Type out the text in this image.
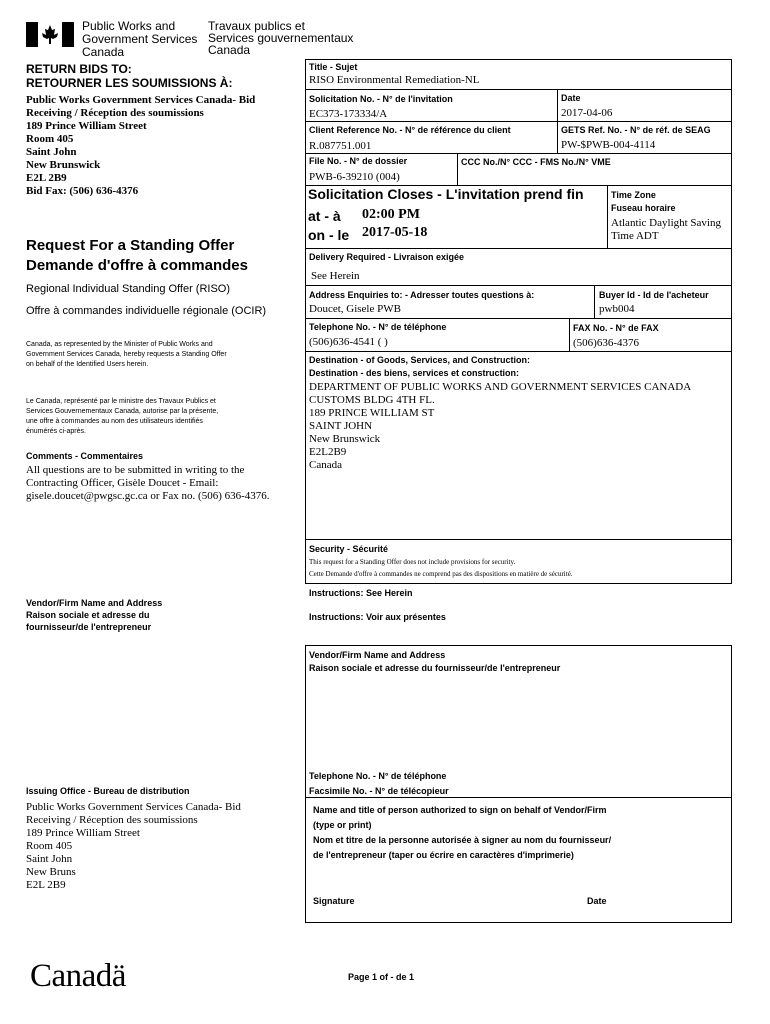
Public Works and
Government Services
Canada
Travaux publics et
Services gouvernementaux
Canada
RETURN BIDS TO:
RETOURNER LES SOUMISSIONS À:
Public Works Government Services Canada- Bid
Receiving / Réception des soumissions
189 Prince William Street
Room 405
Saint John
New Brunswick
E2L 2B9
Bid Fax: (506) 636-4376
Request For a Standing Offer
Demande d'offre à commandes
Regional Individual Standing Offer (RISO)
Offre à commandes individuelle régionale (OCIR)
Canada, as represented by the Minister of Public Works and
Government Services Canada, hereby requests a Standing Offer
on behalf of the Identified Users herein.
Le Canada, représenté par le ministre des Travaux Publics et
Services Gouvernementaux Canada, autorise par la présente,
une offre à commandes au nom des utilisateurs identifiés
énumérés ci-après.
Comments - Commentaires
All questions are to be submitted in writing to the
Contracting Officer, Gisèle Doucet - Email:
gisele.doucet@pwgsc.gc.ca or Fax no. (506) 636-4376.
Vendor/Firm Name and Address
Raison sociale et adresse du
fournisseur/de l'entrepreneur
Issuing Office - Bureau de distribution
Public Works Government Services Canada- Bid
Receiving / Réception des soumissions
189 Prince William Street
Room 405
Saint John
New Bruns
E2L 2B9
Title - Sujet
RISO Environmental Remediation-NL
Solicitation No. - N° de l'invitation
EC373-173334/A
Date
2017-04-06
Client Reference No. - N° de référence du client
R.087751.001
GETS Ref. No. - N° de réf. de SEAG
PW-$PWB-004-4114
File No. - N° de dossier
PWB-6-39210 (004)
CCC No./N° CCC - FMS No./N° VME
Solicitation Closes - L'invitation prend fin
at - à 02:00 PM
on - le 2017-05-18
Time Zone
Fuseau horaire
Atlantic Daylight Saving
Time ADT
Delivery Required - Livraison exigée
See Herein
Address Enquiries to: - Adresser toutes questions à:
Doucet, Gisele PWB
Buyer Id - Id de l'acheteur
pwb004
Telephone No. - N° de téléphone
(506)636-4541 ( )
FAX No. - N° de FAX
(506)636-4376
Destination - of Goods, Services, and Construction:
Destination - des biens, services et construction:
DEPARTMENT OF PUBLIC WORKS AND GOVERNMENT SERVICES CANADA
CUSTOMS BLDG 4TH FL.
189 PRINCE WILLIAM ST
SAINT JOHN
New Brunswick
E2L2B9
Canada
Security - Sécurité
This request for a Standing Offer does not include provisions for security.
Cette Demande d'offre à commandes ne comprend pas des dispositions en matière de sécurité.
Instructions: See Herein
Instructions: Voir aux présentes
Vendor/Firm Name and Address
Raison sociale et adresse du fournisseur/de l'entrepreneur
Telephone No. - N° de téléphone
Facsimile No. - N° de télécopieur
Name and title of person authorized to sign on behalf of Vendor/Firm
(type or print)
Nom et titre de la personne autorisée à signer au nom du fournisseur/
de l'entrepreneur (taper ou écrire en caractères d'imprimerie)
Signature	Date
Canadä	Page 1 of - de 1
